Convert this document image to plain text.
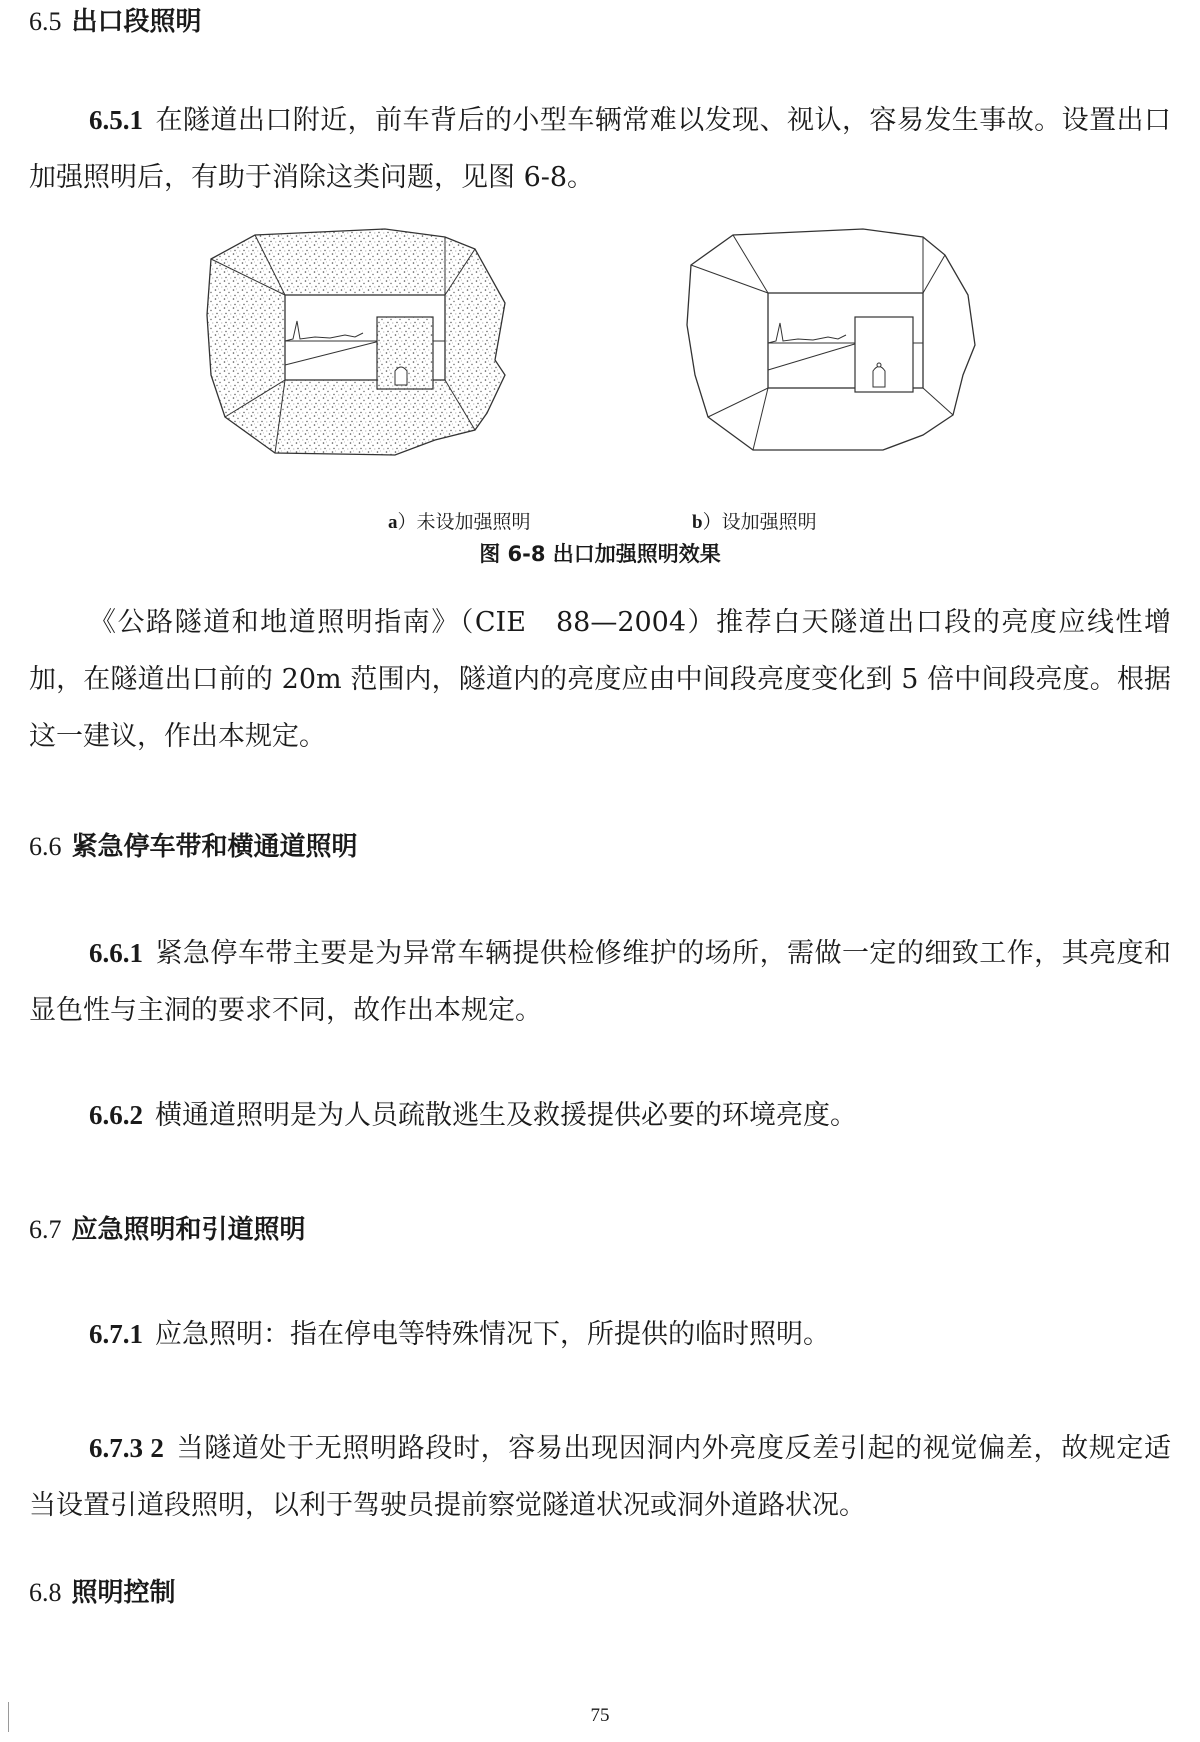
6.5 出口段照明
6.5.1 在隧道出口附近，前车背后的小型车辆常难以发现、视认，容易发生事故。设置出口加强照明后，有助于消除这类问题，见图 6-8。
a）未设加强照明	b）设加强照明
图 6-8 出口加强照明效果
《公路隧道和地道照明指南》（CIE　88—2004）推荐白天隧道出口段的亮度应线性增加，在隧道出口前的 20m 范围内，隧道内的亮度应由中间段亮度变化到 5 倍中间段亮度。根据这一建议，作出本规定。
6.6 紧急停车带和横通道照明
6.6.1 紧急停车带主要是为异常车辆提供检修维护的场所，需做一定的细致工作，其亮度和显色性与主洞的要求不同，故作出本规定。
6.6.2 横通道照明是为人员疏散逃生及救援提供必要的环境亮度。
6.7 应急照明和引道照明
6.7.1 应急照明：指在停电等特殊情况下，所提供的临时照明。
6.7.3 2 当隧道处于无照明路段时，容易出现因洞内外亮度反差引起的视觉偏差，故规定适当设置引道段照明，以利于驾驶员提前察觉隧道状况或洞外道路状况。
6.8 照明控制
75
